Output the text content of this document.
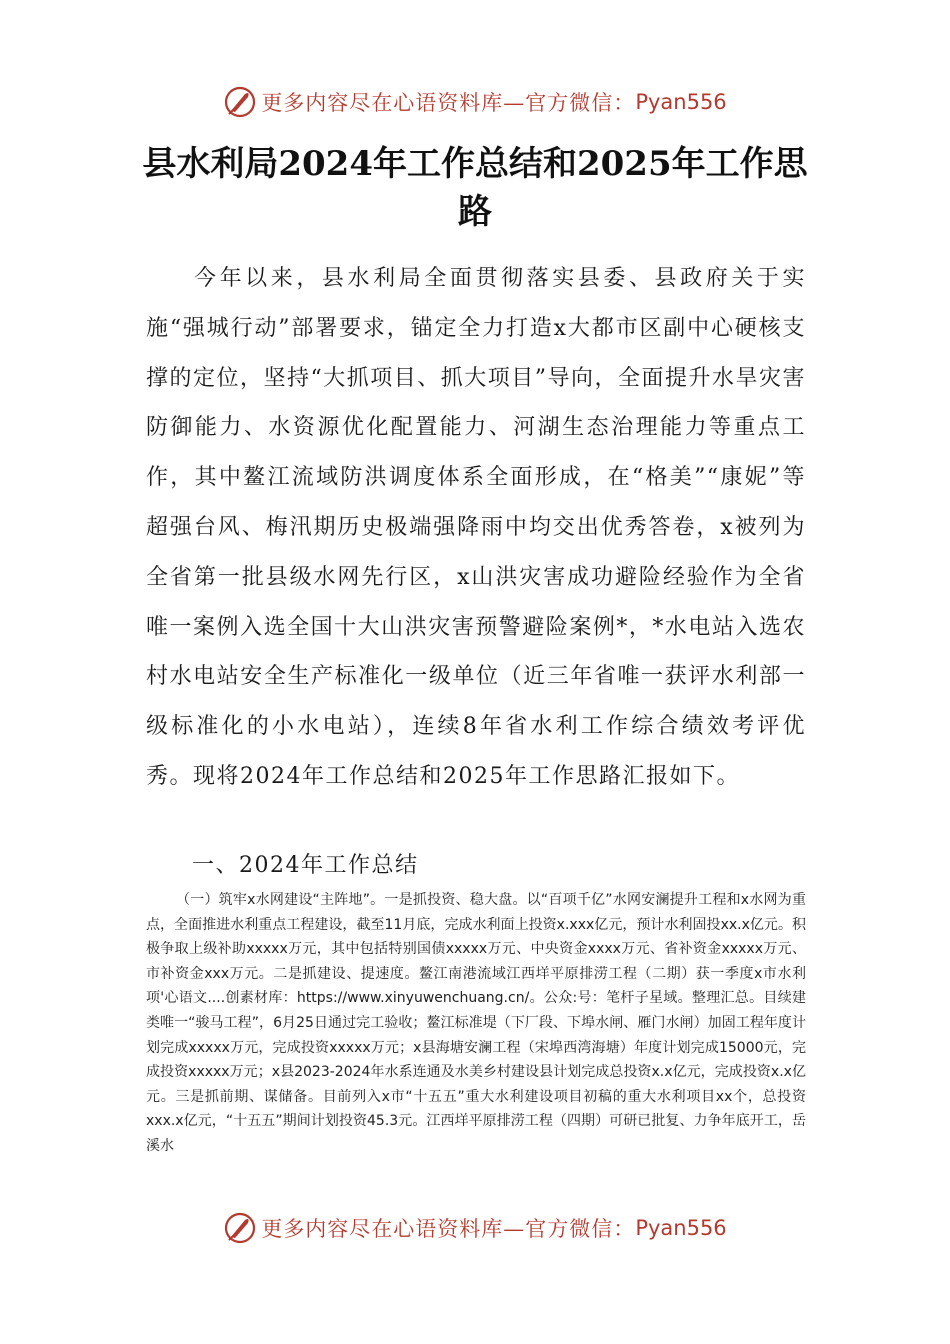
更多内容尽在心语资料库—官方微信： Pyan556
县水利局2024年工作总结和2025年工作思路

今年以来，县水利局全面贯彻落实县委、县政府关于实施“强城行动”部署要求，锚定全力打造x大都市区副中心硬核支撑的定位，坚持“大抓项目、抓大项目”导向，全面提升水旱灾害防御能力、水资源优化配置能力、河湖生态治理能力等重点工作，其中鳌江流域防洪调度体系全面形成，在“格美”“康妮”等超强台风、梅汛期历史极端强降雨中均交出优秀答卷，x被列为全省第一批县级水网先行区，x山洪灾害成功避险经验作为全省唯一案例入选全国十大山洪灾害预警避险案例*，*水电站入选农村水电站安全生产标准化一级单位（近三年省唯一获评水利部一级标准化的小水电站），连续8年省水利工作综合绩效考评优秀。现将2024年工作总结和2025年工作思路汇报如下。

一、2024年工作总结

（一）筑牢x水网建设“主阵地”。一是抓投资、稳大盘。以“百项千亿”水网安澜提升工程和x水网为重点，全面推进水利重点工程建设，截至11月底，完成水利面上投资x.xxx亿元，预计水利固投xx.x亿元。积极争取上级补助xxxxx万元，其中包括特别国债xxxxx万元、中央资金xxxx万元、省补资金xxxxx万元、市补资金xxx万元。二是抓建设、提速度。鳌江南港流域江西垟平原排涝工程（二期）获一季度x市水利项'心语文....创素材库：https://www.xinyuwenchuang.cn/。公众:号：笔杆子星域。整理汇总。目续建类唯一“骏马工程”，6月25日通过完工验收；鳌江标准堤（下厂段、下埠水闸、雁门水闸）加固工程年度计划完成xxxxx万元，完成投资xxxxx万元；x县海塘安澜工程（宋埠西湾海塘）年度计划完成15000元，完成投资xxxxx万元；x县2023-2024年水系连通及水美乡村建设县计划完成总投资x.x亿元，完成投资x.x亿元。三是抓前期、谋储备。目前列入x市“十五五”重大水利建设项目初稿的重大水利项目xx个，总投资xxx.x亿元，“十五五”期间计划投资45.3元。江西垟平原排涝工程（四期）可研已批复、力争年底开工，岳溪水

更多内容尽在心语资料库—官方微信： Pyan556
